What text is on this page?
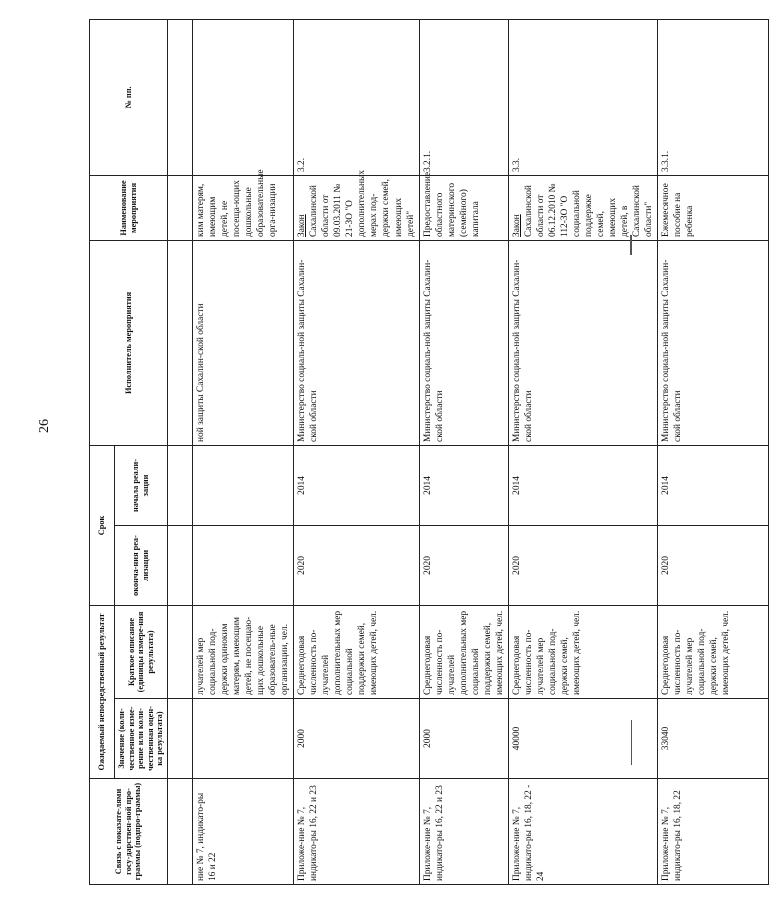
26
Связь с показате-лями госу-дарствен-ной про-граммы (подпро-граммы)	Ожидаемый непосредственный результат		Срок		Исполнитель мероприятия	Наименование мероприятия	№ пп.
	Значение (коли-чественное изме-рение или коли-чественная оцен-ка результата)	Краткое описание (единицы измере-ния результата)	оконча-ния реа-лизации	начала реали-зации			

ние № 7, индикато-ры 16 и 22		лучателей мер социальной под-держки одиноким матерям, имеющим детей, не посещаю-щих дошкольные образователь-ные организации, чел.			ной защиты Сахалин-ской области	ким матерям, имеющим детей, не посеща-ющих дошкольные образовательные орга-низации	
Приложе-ние № 7, индикато-ры 16, 22 и 23	2000	Среднегодовая численность по-лучателей дополнительных мер социальной поддержки семей, имеющих детей, чел.	2020	2014	Министерство социаль-ной защиты Сахалин-ской области	Закон Сахалинской области от 09.03.2011 № 21-ЗО "О дополнительных мерах под-держки семей, имеющих детей"	3.2.
Приложе-ние № 7, индикато-ры 16, 22 и 23	2000	Среднегодовая численность по-лучателей дополнительных мер социальной поддержки семей, имеющих детей, чел.	2020	2014	Министерство социаль-ной защиты Сахалин-ской области	Предоставление областного материнского (семейного) капитала	3.2.1.
Приложе-ние № 7, индикато-ры 16, 18, 22 - 24	40000	Среднегодовая численность по-лучателей мер социальной под-держки семей, имеющих детей, чел.	2020	2014	Министерство социаль-ной защиты Сахалин-ской области	Закон Сахалинской области от 06.12.2010 № 112-ЗО "О социальной поддержке семей, имеющих детей, в Сахалинской области"	3.3.
Приложе-ние № 7, индикато-ры 16, 18, 22	33040	Среднегодовая численность по-лучателей мер социальной под-держки семей, имеющих детей, чел.	2020	2014	Министерство социаль-ной защиты Сахалин-ской области	Ежемесячное пособие на ребенка	3.3.1.
